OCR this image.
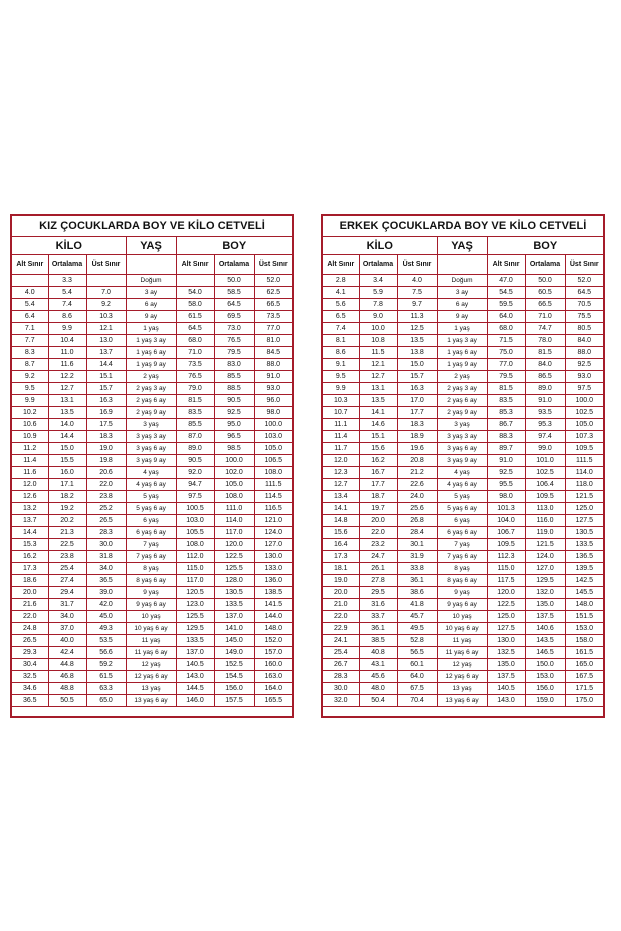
KIZ ÇOCUKLARDA BOY VE KİLO CETVELİ
KİLO			YAŞ	BOY		
Alt Sınır	Ortalama	Üst Sınır		Alt Sınır	Ortalama	Üst Sınır
	3.3		Doğum		50.0	52.0
4.0	5.4	7.0	3 ay	54.0	58.5	62.5
5.4	7.4	9.2	6 ay	58.0	64.5	66.5
6.4	8.6	10.3	9 ay	61.5	69.5	73.5
7.1	9.9	12.1	1 yaş	64.5	73.0	77.0
7.7	10.4	13.0	1 yaş 3 ay	68.0	76.5	81.0
8.3	11.0	13.7	1 yaş 6 ay	71.0	79.5	84.5
8.7	11.6	14.4	1 yaş 9 ay	73.5	83.0	88.0
9.2	12.2	15.1	2 yaş	76.5	85.5	91.0
9.5	12.7	15.7	2 yaş 3 ay	79.0	88.5	93.0
9.9	13.1	16.3	2 yaş 6 ay	81.5	90.5	96.0
10.2	13.5	16.9	2 yaş 9 ay	83.5	92.5	98.0
10.6	14.0	17.5	3 yaş	85.5	95.0	100.0
10.9	14.4	18.3	3 yaş 3 ay	87.0	96.5	103.0
11.2	15.0	19.0	3 yaş 6 ay	89.0	98.5	105.0
11.4	15.5	19.8	3 yaş 9 ay	90.5	100.0	106.5
11.6	16.0	20.6	4 yaş	92.0	102.0	108.0
12.0	17.1	22.0	4 yaş 6 ay	94.7	105.0	111.5
12.6	18.2	23.8	5 yaş	97.5	108.0	114.5
13.2	19.2	25.2	5 yaş 6 ay	100.5	111.0	116.5
13.7	20.2	26.5	6 yaş	103.0	114.0	121.0
14.4	21.3	28.3	6 yaş 6 ay	105.5	117.0	124.0
15.3	22.5	30.0	7 yaş	108.0	120.0	127.0
16.2	23.8	31.8	7 yaş 6 ay	112.0	122.5	130.0
17.3	25.4	34.0	8 yaş	115.0	125.5	133.0
18.6	27.4	36.5	8 yaş 6 ay	117.0	128.0	136.0
20.0	29.4	39.0	9 yaş	120.5	130.5	138.5
21.6	31.7	42.0	9 yaş 6 ay	123.0	133.5	141.5
22.0	34.0	45.0	10 yaş	125.5	137.0	144.0
24.8	37.0	49.3	10 yaş 6 ay	129.5	141.0	148.0
26.5	40.0	53.5	11 yaş	133.5	145.0	152.0
29.3	42.4	56.6	11 yaş 6 ay	137.0	149.0	157.0
30.4	44.8	59.2	12 yaş	140.5	152.5	160.0
32.5	46.8	61.5	12 yaş 6 ay	143.0	154.5	163.0
34.6	48.8	63.3	13 yaş	144.5	156.0	164.0
36.5	50.5	65.0	13 yaş 6 ay	146.0	157.5	165.5
ERKEK ÇOCUKLARDA BOY VE KİLO CETVELİ
KİLO			YAŞ	BOY		
Alt Sınır	Ortalama	Üst Sınır		Alt Sınır	Ortalama	Üst Sınır
2.8	3.4	4.0	Doğum	47.0	50.0	52.0
4.1	5.9	7.5	3 ay	54.5	60.5	64.5
5.6	7.8	9.7	6 ay	59.5	66.5	70.5
6.5	9.0	11.3	9 ay	64.0	71.0	75.5
7.4	10.0	12.5	1 yaş	68.0	74.7	80.5
8.1	10.8	13.5	1 yaş 3 ay	71.5	78.0	84.0
8.6	11.5	13.8	1 yaş 6 ay	75.0	81.5	88.0
9.1	12.1	15.0	1 yaş 9 ay	77.0	84.0	92.5
9.5	12.7	15.7	2 yaş	79.5	86.5	93.0
9.9	13.1	16.3	2 yaş 3 ay	81.5	89.0	97.5
10.3	13.5	17.0	2 yaş 6 ay	83.5	91.0	100.0
10.7	14.1	17.7	2 yaş 9 ay	85.3	93.5	102.5
11.1	14.6	18.3	3 yaş	86.7	95.3	105.0
11.4	15.1	18.9	3 yaş 3 ay	88.3	97.4	107.3
11.7	15.6	19.6	3 yaş 6 ay	89.7	99.0	109.5
12.0	16.2	20.8	3 yaş 9 ay	91.0	101.0	111.5
12.3	16.7	21.2	4 yaş	92.5	102.5	114.0
12.7	17.7	22.6	4 yaş 6 ay	95.5	106.4	118.0
13.4	18.7	24.0	5 yaş	98.0	109.5	121.5
14.1	19.7	25.6	5 yaş 6 ay	101.3	113.0	125.0
14.8	20.0	26.8	6 yaş	104.0	116.0	127.5
15.6	22.0	28.4	6 yaş 6 ay	106.7	119.0	130.5
16.4	23.2	30.1	7 yaş	109.5	121.5	133.5
17.3	24.7	31.9	7 yaş 6 ay	112.3	124.0	136.5
18.1	26.1	33.8	8 yaş	115.0	127.0	139.5
19.0	27.8	36.1	8 yaş 6 ay	117.5	129.5	142.5
20.0	29.5	38.6	9 yaş	120.0	132.0	145.5
21.0	31.6	41.8	9 yaş 6 ay	122.5	135.0	148.0
22.0	33.7	45.7	10 yaş	125.0	137.5	151.5
22.9	36.1	49.5	10 yaş 6 ay	127.5	140.6	153.0
24.1	38.5	52.8	11 yaş	130.0	143.5	158.0
25.4	40.8	56.5	11 yaş 6 ay	132.5	146.5	161.5
26.7	43.1	60.1	12 yaş	135.0	150.0	165.0
28.3	45.6	64.0	12 yaş 6 ay	137.5	153.0	167.5
30.0	48.0	67.5	13 yaş	140.5	156.0	171.5
32.0	50.4	70.4	13 yaş 6 ay	143.0	159.0	175.0
